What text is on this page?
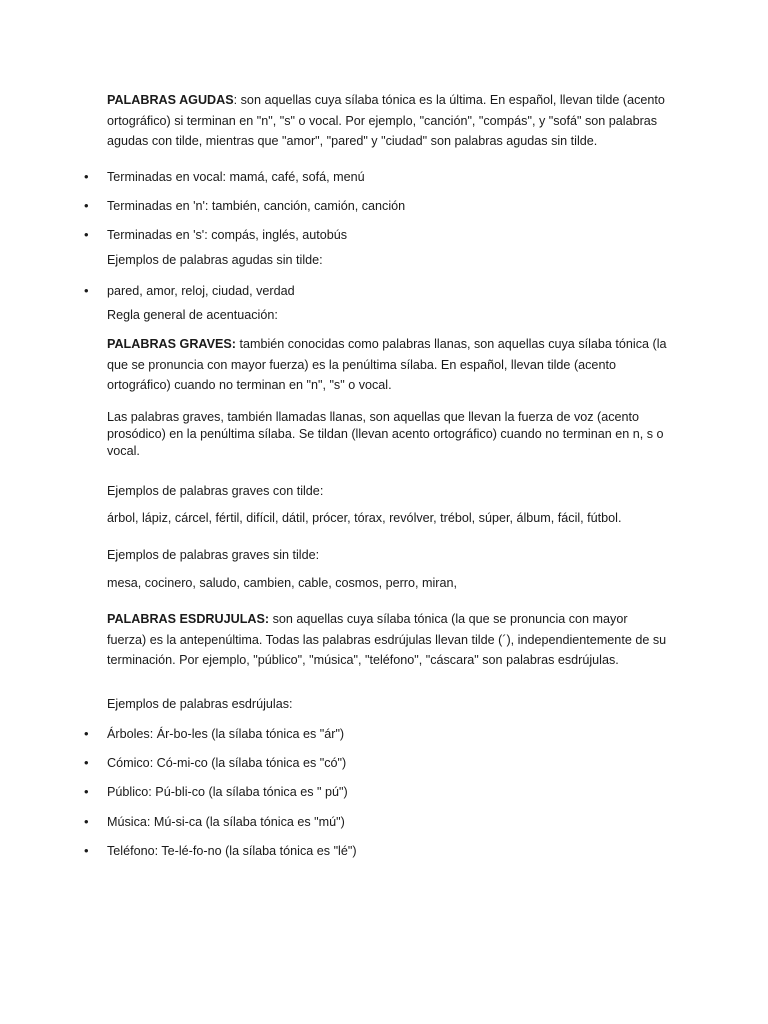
PALABRAS AGUDAS: son aquellas cuya sílaba tónica es la última. En español, llevan tilde (acento ortográfico) si terminan en "n", "s" o vocal. Por ejemplo, "canción", "compás", y "sofá" son palabras agudas con tilde, mientras que "amor", "pared" y "ciudad" son palabras agudas sin tilde.

• Terminadas en vocal: mamá, café, sofá, menú
• Terminadas en 'n': también, canción, camión, canción
• Terminadas en 's': compás, inglés, autobús

Ejemplos de palabras agudas sin tilde:

• pared, amor, reloj, ciudad, verdad

Regla general de acentuación:

PALABRAS GRAVES: también conocidas como palabras llanas, son aquellas cuya sílaba tónica (la que se pronuncia con mayor fuerza) es la penúltima sílaba. En español, llevan tilde (acento ortográfico) cuando no terminan en "n", "s" o vocal.

Las palabras graves, también llamadas llanas, son aquellas que llevan la fuerza de voz (acento prosódico) en la penúltima sílaba. Se tildan (llevan acento ortográfico) cuando no terminan en n, s o vocal.

Ejemplos de palabras graves con tilde:

árbol, lápiz, cárcel, fértil, difícil, dátil, prócer, tórax, revólver, trébol, súper, álbum, fácil, fútbol.

Ejemplos de palabras graves sin tilde:

mesa, cocinero, saludo, cambien, cable, cosmos, perro, miran,

PALABRAS ESDRUJULAS: son aquellas cuya sílaba tónica (la que se pronuncia con mayor fuerza) es la antepenúltima. Todas las palabras esdrújulas llevan tilde (´), independientemente de su terminación. Por ejemplo, "público", "música", "teléfono", "cáscara" son palabras esdrújulas.

Ejemplos de palabras esdrújulas:

• Árboles: Ár-bo-les (la sílaba tónica es "ár")
• Cómico: Có-mi-co (la sílaba tónica es "có")
• Público: Pú-bli-co (la sílaba tónica es " pú")
• Música: Mú-si-ca (la sílaba tónica es "mú")
• Teléfono: Te-lé-fo-no (la sílaba tónica es "lé")
